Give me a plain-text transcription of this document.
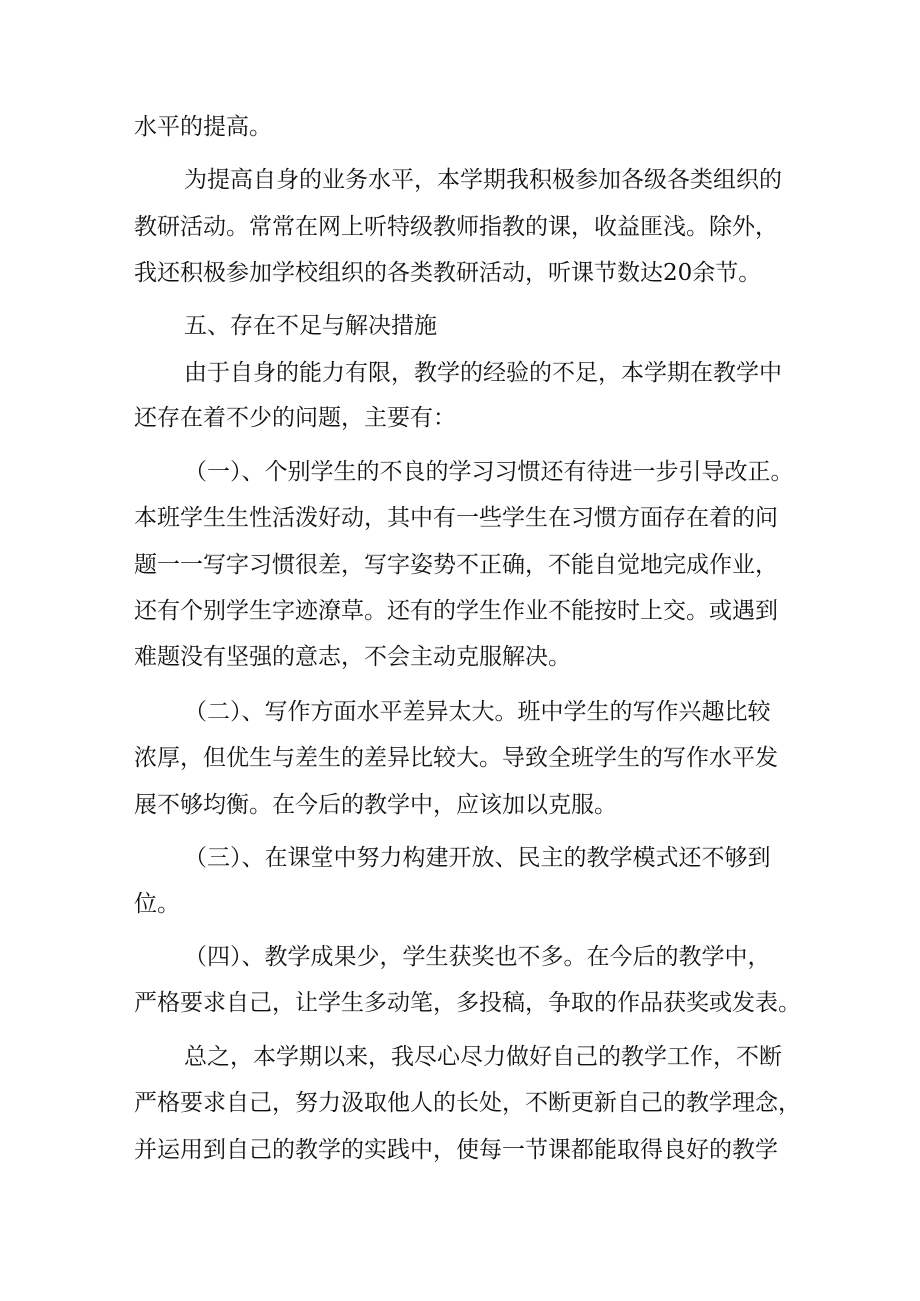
水平的提高。
为提高自身的业务水平，本学期我积极参加各级各类组织的
教研活动。常常在网上听特级教师指教的课，收益匪浅。除外，
我还积极参加学校组织的各类教研活动，听课节数达20余节。
五、存在不足与解决措施
由于自身的能力有限，教学的经验的不足，本学期在教学中
还存在着不少的问题，主要有：
（一）、个别学生的不良的学习习惯还有待进一步引导改正。
本班学生生性活泼好动，其中有一些学生在习惯方面存在着的问
题一一写字习惯很差，写字姿势不正确，不能自觉地完成作业，
还有个别学生字迹潦草。还有的学生作业不能按时上交。或遇到
难题没有坚强的意志，不会主动克服解决。
（二）、写作方面水平差异太大。班中学生的写作兴趣比较
浓厚，但优生与差生的差异比较大。导致全班学生的写作水平发
展不够均衡。在今后的教学中，应该加以克服。
（三）、在课堂中努力构建开放、民主的教学模式还不够到
位。
（四）、教学成果少，学生获奖也不多。在今后的教学中，
严格要求自己，让学生多动笔，多投稿，争取的作品获奖或发表。
总之，本学期以来，我尽心尽力做好自己的教学工作，不断
严格要求自己，努力汲取他人的长处，不断更新自己的教学理念，
并运用到自己的教学的实践中，使每一节课都能取得良好的教学
